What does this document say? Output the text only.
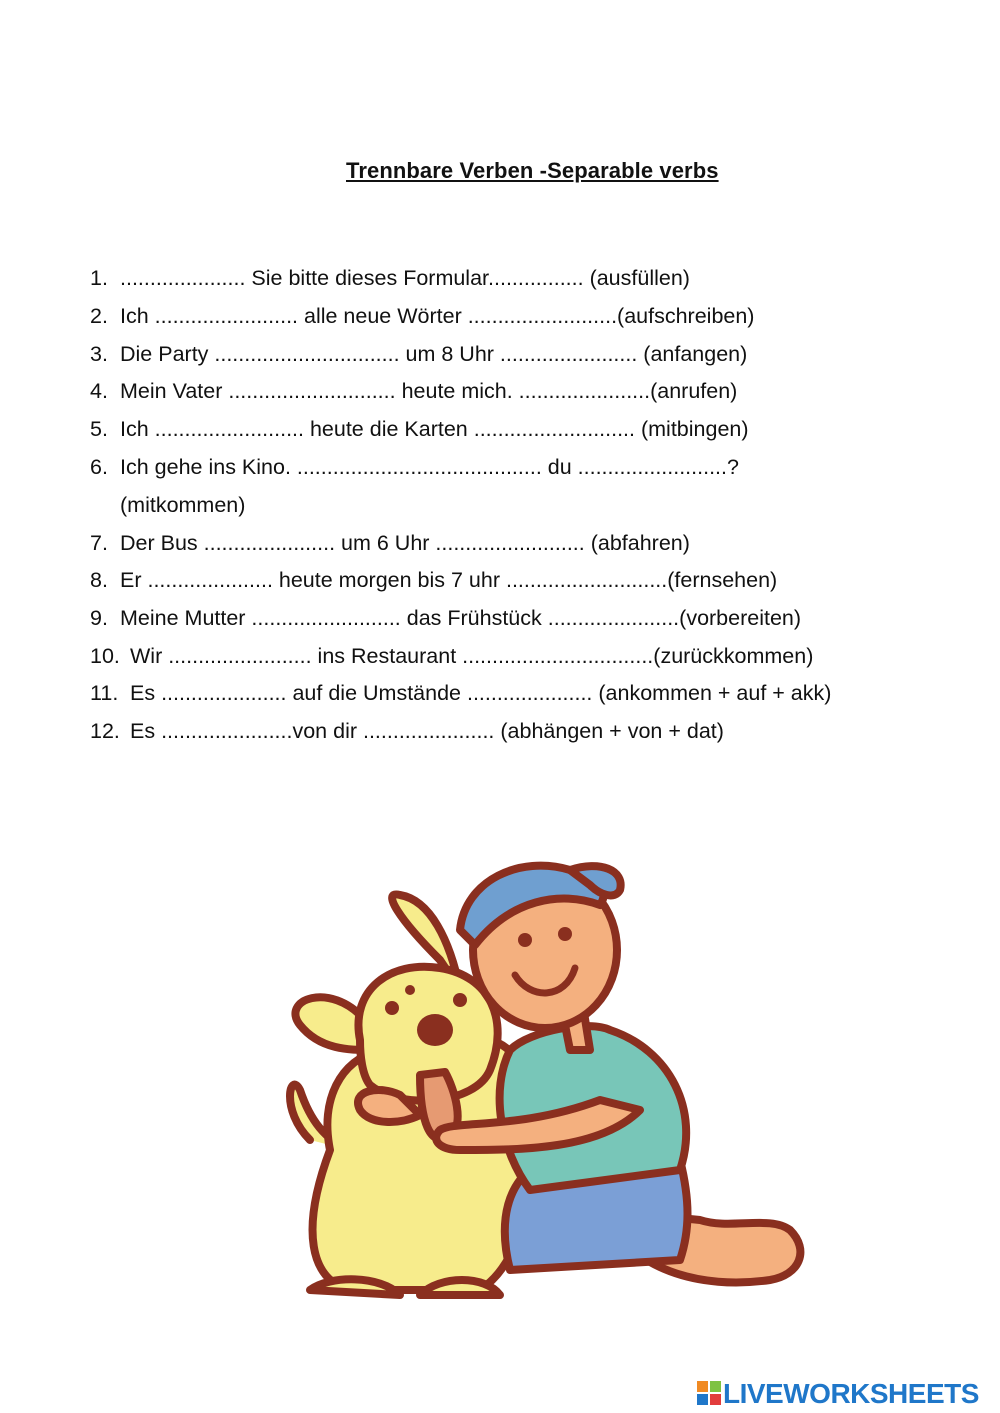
Trennbare Verben -Separable verbs
1. ..................... Sie bitte dieses Formular................ (ausfüllen)
2. Ich ........................ alle neue Wörter .........................(aufschreiben)
3. Die Party ............................... um 8 Uhr ....................... (anfangen)
4. Mein Vater ............................ heute mich. ......................(anrufen)
5. Ich ......................... heute die Karten ........................... (mitbingen)
6. Ich gehe ins Kino. ......................................... du .........................?
(mitkommen)
7. Der Bus ...................... um 6 Uhr ......................... (abfahren)
8. Er ..................... heute morgen bis 7 uhr ...........................(fernsehen)
9. Meine Mutter ......................... das Frühstück ......................(vorbereiten)
10. Wir ........................ ins Restaurant ................................(zurückkommen)
11. Es ..................... auf die Umstände ..................... (ankommen + auf + akk)
12. Es ......................von dir ...................... (abhängen + von + dat)
LIVEWORKSHEETS
